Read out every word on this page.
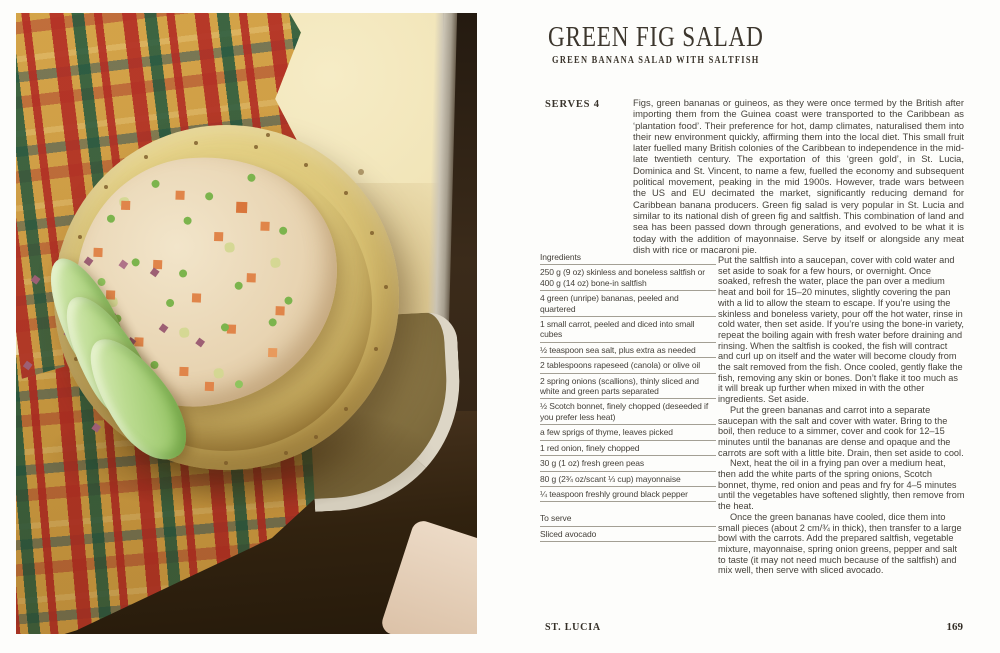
GREEN FIG SALAD
GREEN BANANA SALAD WITH SALTFISH
SERVES 4	Figs, green bananas or guineos, as they were once termed by the British after importing them from the Guinea coast were transported to the Caribbean as ‘plantation food’. Their preference for hot, damp climates, naturalised them into their new environment quickly, affirming them into the local diet. This small fruit later fuelled many British colonies of the Caribbean to independence in the mid-late twentieth century. The exportation of this ‘green gold’, in St. Lucia, Dominica and St. Vincent, to name a few, fuelled the economy and subsequent political movement, peaking in the mid 1900s. However, trade wars between the US and EU decimated the market, significantly reducing demand for Caribbean banana producers. Green fig salad is very popular in St. Lucia and similar to its national dish of green fig and saltfish. This combination of land and sea has been passed down through generations, and evolved to be what it is today with the addition of mayonnaise. Serve by itself or alongside any meat dish with rice or macaroni pie.
Ingredients
250 g (9 oz) skinless and boneless saltfish or 400 g (14 oz) bone-in saltfish
4 green (unripe) bananas, peeled and quartered
1 small carrot, peeled and diced into small cubes
½ teaspoon sea salt, plus extra as needed
2 tablespoons rapeseed (canola) or olive oil
2 spring onions (scallions), thinly sliced and white and green parts separated
½ Scotch bonnet, finely chopped (deseeded if you prefer less heat)
a few sprigs of thyme, leaves picked
1 red onion, finely chopped
30 g (1 oz) fresh green peas
80 g (2¾ oz/scant ⅓ cup) mayonnaise
¼ teaspoon freshly ground black pepper
To serve
Sliced avocado

Put the saltfish into a saucepan, cover with cold water and set aside to soak for a few hours, or overnight. Once soaked, refresh the water, place the pan over a medium heat and boil for 15–20 minutes, slightly covering the pan with a lid to allow the steam to escape. If you’re using the skinless and boneless variety, pour off the hot water, rinse in cold water, then set aside. If you’re using the bone-in variety, repeat the boiling again with fresh water before draining and rinsing. When the saltfish is cooked, the fish will contract and curl up on itself and the water will become cloudy from the salt removed from the fish. Once cooled, gently flake the fish, removing any skin or bones. Don’t flake it too much as it will break up further when mixed in with the other ingredients. Set aside.

Put the green bananas and carrot into a separate saucepan with the salt and cover with water. Bring to the boil, then reduce to a simmer, cover and cook for 12–15 minutes until the bananas are dense and opaque and the carrots are soft with a little bite. Drain, then set aside to cool.

Next, heat the oil in a frying pan over a medium heat, then add the white parts of the spring onions, Scotch bonnet, thyme, red onion and peas and fry for 4–5 minutes until the vegetables have softened slightly, then remove from the heat.

Once the green bananas have cooled, dice them into small pieces (about 2 cm/¾ in thick), then transfer to a large bowl with the carrots. Add the prepared saltfish, vegetable mixture, mayonnaise, spring onion greens, pepper and salt to taste (it may not need much because of the saltfish) and mix well, then serve with sliced avocado.

ST. LUCIA	169
